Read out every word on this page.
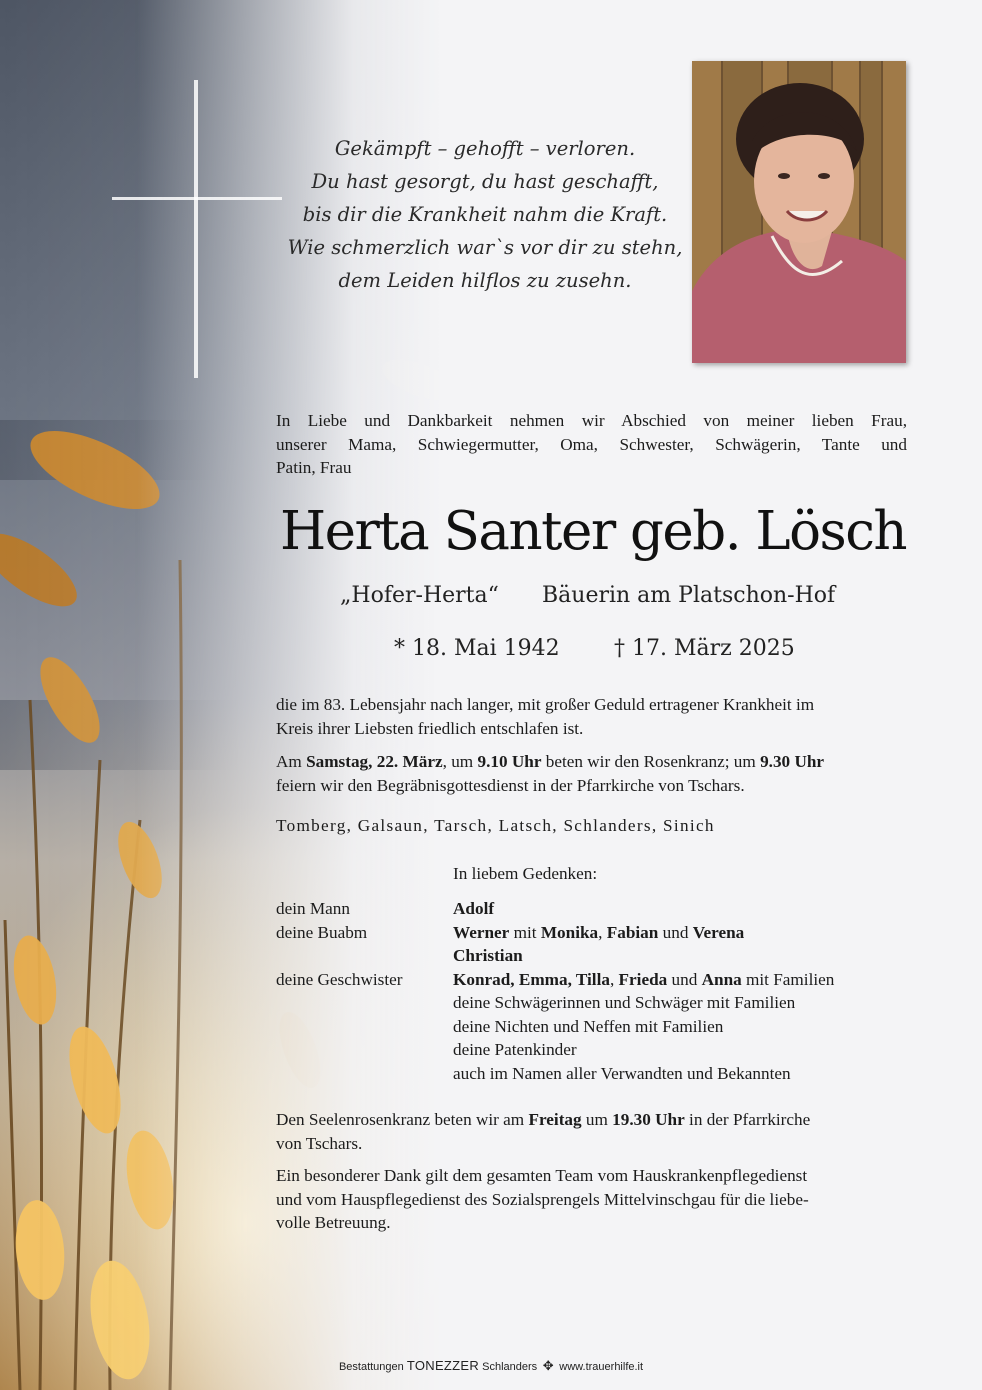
Gekämpft – gehofft – verloren.
Du hast gesorgt, du hast geschafft,
bis dir die Krankheit nahm die Kraft.
Wie schmerzlich war`s vor dir zu stehn,
dem Leiden hilflos zu zusehn.
In Liebe und Dankbarkeit nehmen wir Abschied von meiner lieben Frau,
unserer Mama, Schwiegermutter, Oma, Schwester, Schwägerin, Tante und
Patin, Frau
Herta Santer geb. Lösch
„Hofer-Herta“ Bäuerin am Platschon-Hof
* 18. Mai 1942 † 17. März 2025
die im 83. Lebensjahr nach langer, mit großer Geduld ertragener Krankheit im
Kreis ihrer Liebsten friedlich entschlafen ist.
Am Samstag, 22. März, um 9.10 Uhr beten wir den Rosenkranz; um 9.30 Uhr
feiern wir den Begräbnisgottesdienst in der Pfarrkirche von Tschars.
Tomberg, Galsaun, Tarsch, Latsch, Schlanders, Sinich
In liebem Gedenken:
dein Mann	Adolf
deine Buabm	Werner mit Monika, Fabian und Verena
Christian
deine Geschwister	Konrad, Emma, Tilla, Frieda und Anna mit Familien
deine Schwägerinnen und Schwäger mit Familien
deine Nichten und Neffen mit Familien
deine Patenkinder
auch im Namen aller Verwandten und Bekannten
Den Seelenrosenkranz beten wir am Freitag um 19.30 Uhr in der Pfarrkirche
von Tschars.
Ein besonderer Dank gilt dem gesamten Team vom Hauskrankenpflegedienst
und vom Hauspflegedienst des Sozialsprengels Mittelvinschgau für die liebe-
volle Betreuung.
Bestattungen TONEZZER Schlanders ✥ www.trauerhilfe.it
